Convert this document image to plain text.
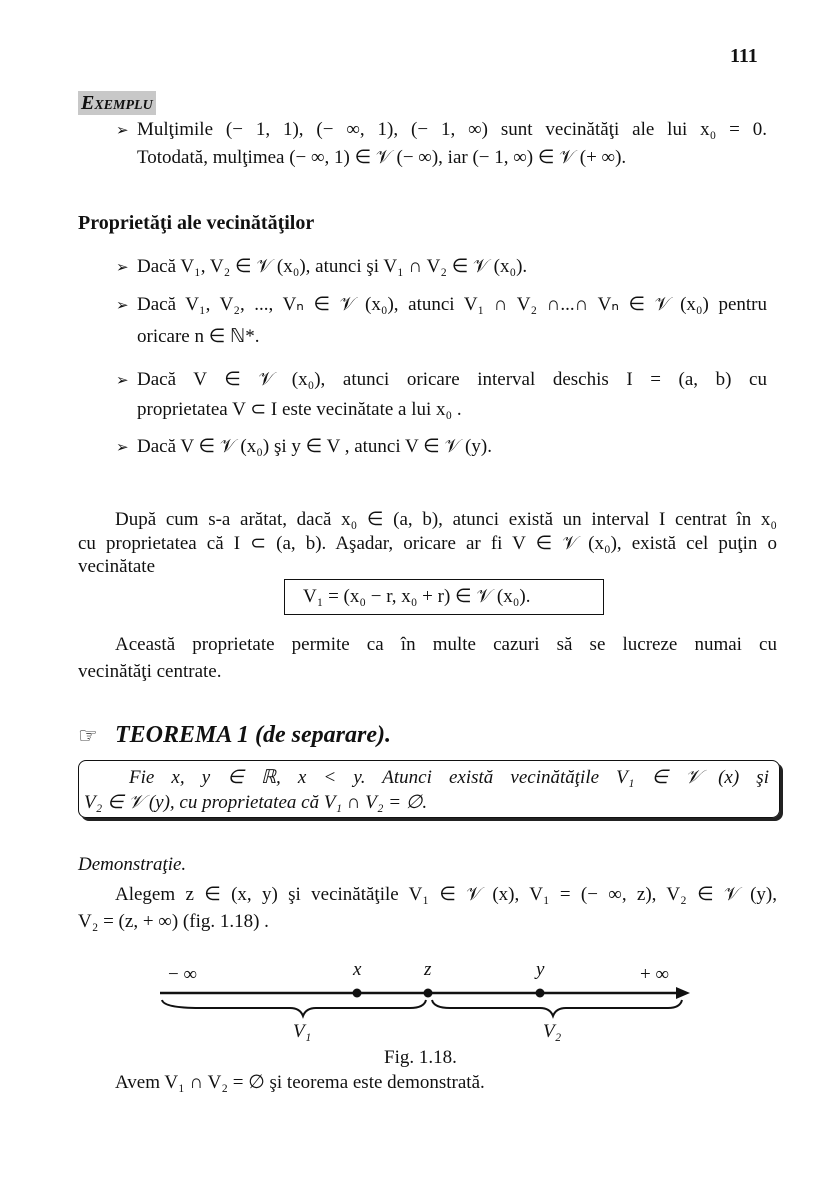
111
Exemplu
➢ Mulţimile (− 1, 1), (− ∞, 1), (− 1, ∞) sunt vecinătăţi ale lui x₀ = 0.
Totodată, mulţimea (− ∞, 1) ∈ 𝒱 (− ∞), iar (− 1, ∞) ∈ 𝒱 (+ ∞).
Proprietăţi ale vecinătăţilor
➢ Dacă V₁, V₂ ∈ 𝒱 (x₀), atunci şi V₁ ∩ V₂ ∈ 𝒱 (x₀).
➢ Dacă V₁, V₂, ..., Vₙ ∈ 𝒱 (x₀), atunci V₁ ∩ V₂ ∩...∩ Vₙ ∈ 𝒱 (x₀) pentru
oricare n ∈ ℕ*.
➢ Dacă V ∈ 𝒱 (x₀), atunci oricare interval deschis I = (a, b) cu
proprietatea V ⊂ I este vecinătate a lui x₀ .
➢ Dacă V ∈ 𝒱 (x₀) şi y ∈ V , atunci V ∈ 𝒱 (y).
După cum s-a arătat, dacă x₀ ∈ (a, b), atunci există un interval I centrat în x₀
cu proprietatea că I ⊂ (a, b). Aşadar, oricare ar fi V ∈ 𝒱 (x₀), există cel puţin o
vecinătate
V₁ = (x₀ − r, x₀ + r) ∈ 𝒱 (x₀).
Această proprietate permite ca în multe cazuri să se lucreze numai cu
vecinătăţi centrate.
☞ TEOREMA 1 (de separare).
Fie x, y ∈ ℝ, x < y. Atunci există vecinătăţile V₁ ∈ 𝒱 (x) şi
V₂ ∈ 𝒱 (y), cu proprietatea că V₁ ∩ V₂ = ∅.
Demonstraţie.
Alegem z ∈ (x, y) şi vecinătăţile V₁ ∈ 𝒱 (x), V₁ = (− ∞, z), V₂ ∈ 𝒱 (y),
V₂ = (z, + ∞) (fig. 1.18) .
− ∞	x	z	y	+ ∞
V₁	V₂
Fig. 1.18.
Avem V₁ ∩ V₂ = ∅ şi teorema este demonstrată.
